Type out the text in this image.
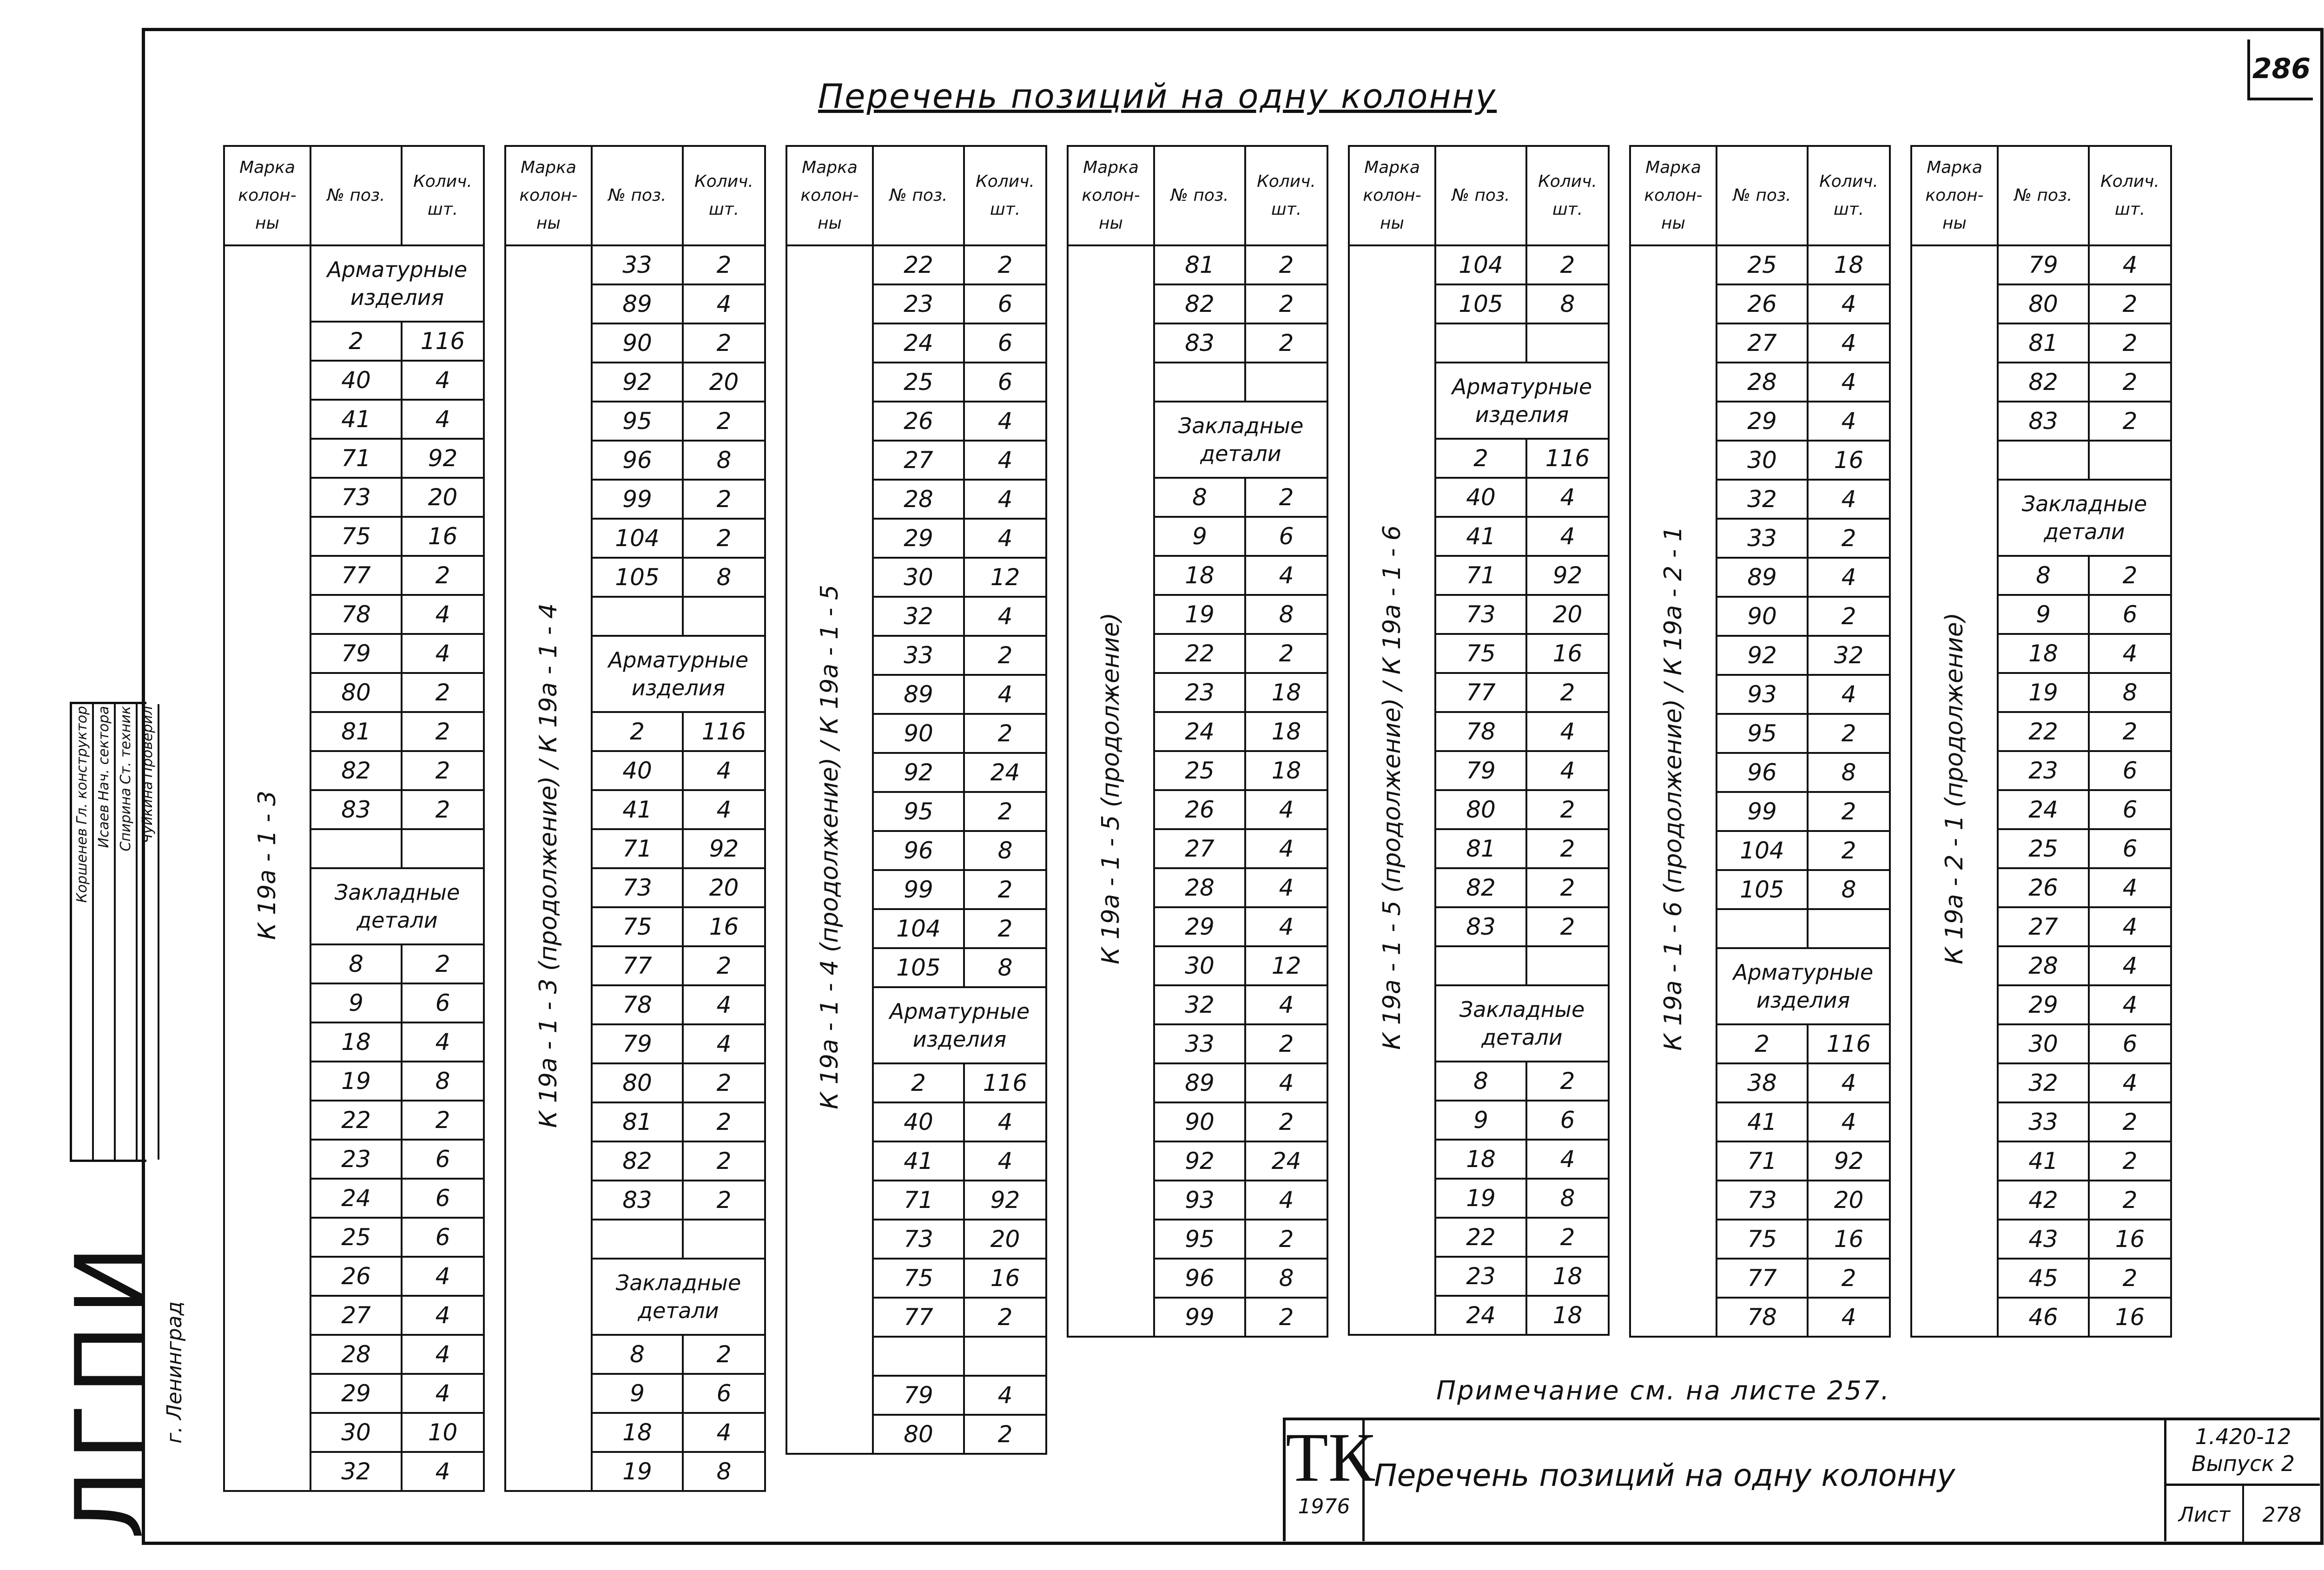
286
Перечень позиций на одну колонну
Марка колон-ны	№ поз.	Колич. шт.
К 19а - 1 - 3	Арматурные изделия	
	2	116
	40	4
	41	4
	71	92
	73	20
	75	16
	77	2
	78	4
	79	4
	80	2
	81	2
	82	2
	83	2

	Закладные детали	
	8	2
	9	6
	18	4
	19	8
	22	2
	23	6
	24	6
	25	6
	26	4
	27	4
	28	4
	29	4
	30	10
	32	4
Марка колон-ны	№ поз.	Колич. шт.
К 19а - 1 - 3 (продолжение) / К 19а - 1 - 4	33	2
	89	4
	90	2
	92	20
	95	2
	96	8
	99	2
	104	2
	105	8

	Арматурные изделия	
	2	116
	40	4
	41	4
	71	92
	73	20
	75	16
	77	2
	78	4
	79	4
	80	2
	81	2
	82	2
	83	2

	Закладные детали	
	8	2
	9	6
	18	4
	19	8
Марка колон-ны	№ поз.	Колич. шт.
К 19а - 1 - 4 (продолжение) / К 19а - 1 - 5	22	2
	23	6
	24	6
	25	6
	26	4
	27	4
	28	4
	29	4
	30	12
	32	4
	33	2
	89	4
	90	2
	92	24
	95	2
	96	8
	99	2
	104	2
	105	8
	Арматурные изделия	
	2	116
	40	4
	41	4
	71	92
	73	20
	75	16
	77	2

	79	4
	80	2
Марка колон-ны	№ поз.	Колич. шт.
К 19а - 1 - 5 (продолжение)	81	2
	82	2
	83	2

	Закладные детали	
	8	2
	9	6
	18	4
	19	8
	22	2
	23	18
	24	18
	25	18
	26	4
	27	4
	28	4
	29	4
	30	12
	32	4
	33	2
	89	4
	90	2
	92	24
	93	4
	95	2
	96	8
	99	2
Марка колон-ны	№ поз.	Колич. шт.
К 19а - 1 - 5 (продолжение) / К 19а - 1 - 6	104	2
	105	8

	Арматурные изделия	
	2	116
	40	4
	41	4
	71	92
	73	20
	75	16
	77	2
	78	4
	79	4
	80	2
	81	2
	82	2
	83	2

	Закладные детали	
	8	2
	9	6
	18	4
	19	8
	22	2
	23	18
	24	18
Марка колон-ны	№ поз.	Колич. шт.
К 19а - 1 - 6 (продолжение) / К 19а - 2 - 1	25	18
	26	4
	27	4
	28	4
	29	4
	30	16
	32	4
	33	2
	89	4
	90	2
	92	32
	93	4
	95	2
	96	8
	99	2
	104	2
	105	8

	Арматурные изделия	
	2	116
	38	4
	41	4
	71	92
	73	20
	75	16
	77	2
	78	4
Марка колон-ны	№ поз.	Колич. шт.
К 19а - 2 - 1 (продолжение)	79	4
	80	2
	81	2
	82	2
	83	2

	Закладные детали	
	8	2
	9	6
	18	4
	19	8
	22	2
	23	6
	24	6
	25	6
	26	4
	27	4
	28	4
	29	4
	30	6
	32	4
	33	2
	41	2
	42	2
	43	16
	45	2
	46	16
Гл. конструктор
Коршенев
Нач. сектора
Исаев
Ст. техник
Спирина
Проверил
Чуйкина
ЛГПИ
г. Ленинград	Примечание см. на листе 257.
ТК
1976
Перечень позиций на одну колонну
1.420-12
Выпуск 2
Лист	278
